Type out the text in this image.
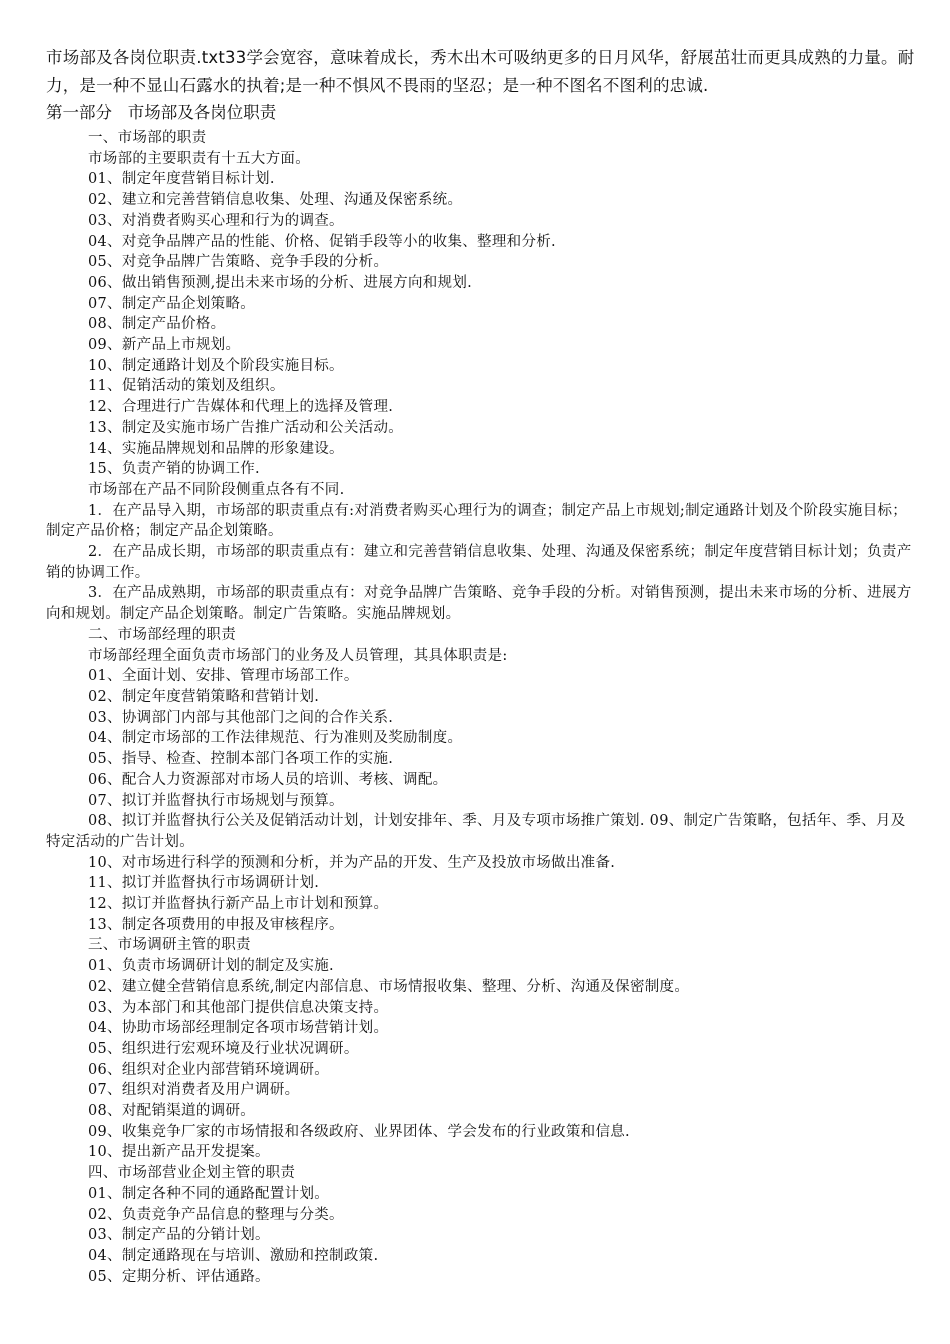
市场部及各岗位职责.txt33学会宽容，意味着成长，秀木出木可吸纳更多的日月风华，舒展茁壮而更具成熟的力量。耐力，是一种不显山石露水的执着;是一种不惧风不畏雨的坚忍；是一种不图名不图利的忠诚.

第一部分   市场部及各岗位职责

一、市场部的职责
市场部的主要职责有十五大方面。
01、制定年度营销目标计划.
02、建立和完善营销信息收集、处理、沟通及保密系统。
03、对消费者购买心理和行为的调查。
04、对竞争品牌产品的性能、价格、促销手段等小的收集、整理和分析.
05、对竞争品牌广告策略、竞争手段的分析。
06、做出销售预测,提出未来市场的分析、进展方向和规划.
07、制定产品企划策略。
08、制定产品价格。
09、新产品上市规划。
10、制定通路计划及个阶段实施目标。
11、促销活动的策划及组织。
12、合理进行广告媒体和代理上的选择及管理.
13、制定及实施市场广告推广活动和公关活动。
14、实施品牌规划和品牌的形象建设。
15、负责产销的协调工作.
市场部在产品不同阶段侧重点各有不同.
1．在产品导入期，市场部的职责重点有:对消费者购买心理行为的调查；制定产品上市规划;制定通路计划及个阶段实施目标；制定产品价格；制定产品企划策略。
2．在产品成长期，市场部的职责重点有：建立和完善营销信息收集、处理、沟通及保密系统；制定年度营销目标计划；负责产销的协调工作。
3．在产品成熟期，市场部的职责重点有：对竞争品牌广告策略、竞争手段的分析。对销售预测，提出未来市场的分析、进展方向和规划。制定产品企划策略。制定广告策略。实施品牌规划。
二、市场部经理的职责
市场部经理全面负责市场部门的业务及人员管理，其具体职责是:
01、全面计划、安排、管理市场部工作。
02、制定年度营销策略和营销计划.
03、协调部门内部与其他部门之间的合作关系.
04、制定市场部的工作法律规范、行为准则及奖励制度。
05、指导、检查、控制本部门各项工作的实施.
06、配合人力资源部对市场人员的培训、考核、调配。
07、拟订并监督执行市场规划与预算。
08、拟订并监督执行公关及促销活动计划，计划安排年、季、月及专项市场推广策划. 09、制定广告策略，包括年、季、月及特定活动的广告计划。
10、对市场进行科学的预测和分析，并为产品的开发、生产及投放市场做出准备.
11、拟订并监督执行市场调研计划.
12、拟订并监督执行新产品上市计划和预算。
13、制定各项费用的申报及审核程序。
三、市场调研主管的职责
01、负责市场调研计划的制定及实施.
02、建立健全营销信息系统,制定内部信息、市场情报收集、整理、分析、沟通及保密制度。
03、为本部门和其他部门提供信息决策支持。
04、协助市场部经理制定各项市场营销计划。
05、组织进行宏观环境及行业状况调研。
06、组织对企业内部营销环境调研。
07、组织对消费者及用户调研。
08、对配销渠道的调研。
09、收集竞争厂家的市场情报和各级政府、业界团体、学会发布的行业政策和信息.
10、提出新产品开发提案。
四、市场部营业企划主管的职责
01、制定各种不同的通路配置计划。
02、负责竞争产品信息的整理与分类。
03、制定产品的分销计划。
04、制定通路现在与培训、激励和控制政策.
05、定期分析、评估通路。
